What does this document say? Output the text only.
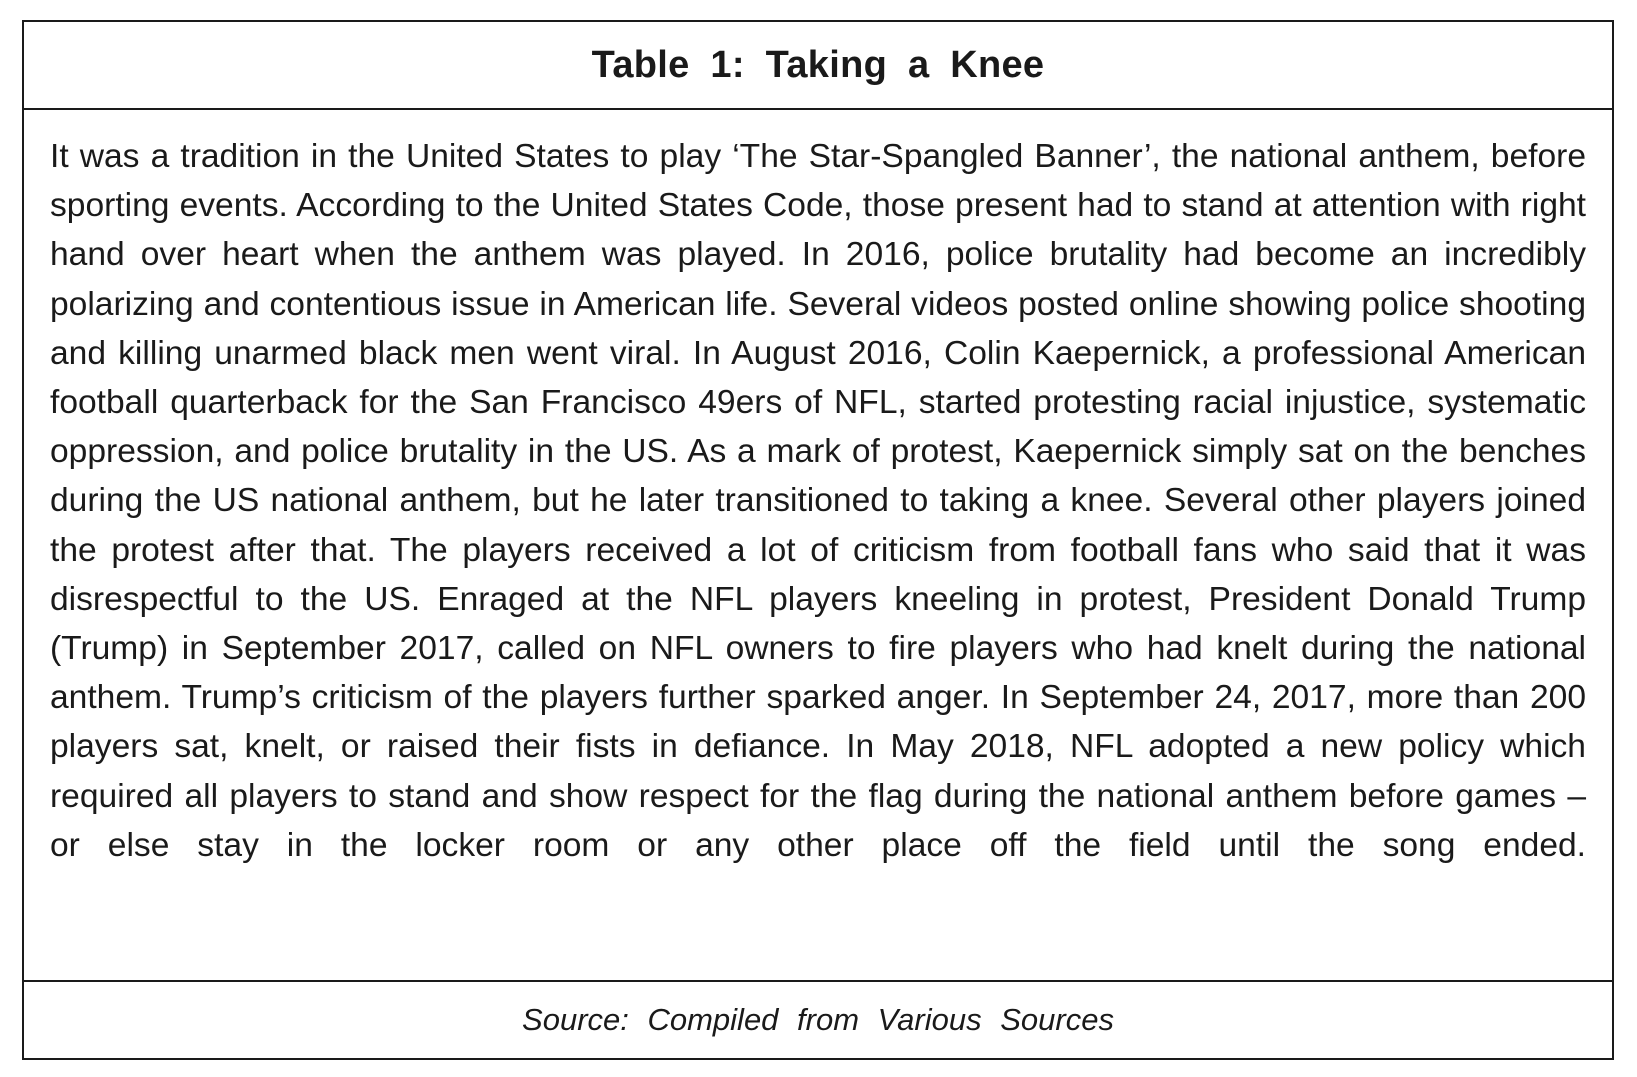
Table 1: Taking a Knee

It was a tradition in the United States to play ‘The Star-Spangled Banner’, the national anthem, before sporting events. According to the United States Code, those present had to stand at attention with right hand over heart when the anthem was played. In 2016, police brutality had become an incredibly polarizing and contentious issue in American life. Several videos posted online showing police shooting and killing unarmed black men went viral. In August 2016, Colin Kaepernick, a professional American football quarterback for the San Francisco 49ers of NFL, started protesting racial injustice, systematic oppression, and police brutality in the US. As a mark of protest, Kaepernick simply sat on the benches during the US national anthem, but he later transitioned to taking a knee. Several other players joined the protest after that. The players received a lot of criticism from football fans who said that it was disrespectful to the US. Enraged at the NFL players kneeling in protest, President Donald Trump (Trump) in September 2017, called on NFL owners to fire players who had knelt during the national anthem. Trump’s criticism of the players further sparked anger. In September 24, 2017, more than 200 players sat, knelt, or raised their fists in defiance. In May 2018, NFL adopted a new policy which required all players to stand and show respect for the flag during the national anthem before games – or else stay in the locker room or any other place off the field until the song ended.

Source: Compiled from Various Sources
